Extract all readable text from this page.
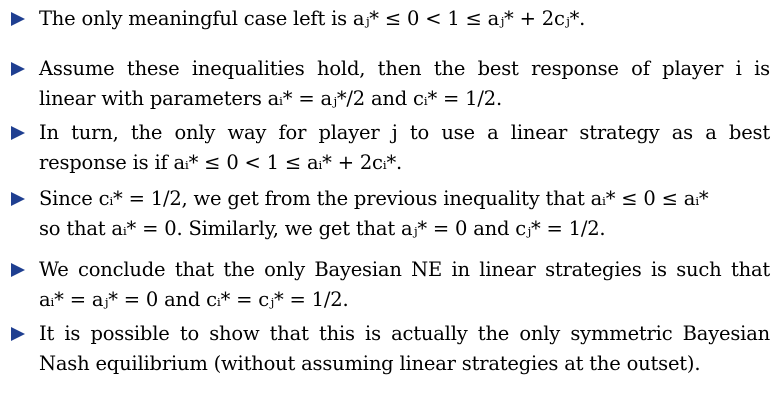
The only meaningful case left is aⱼ* ≤ 0 < 1 ≤ aⱼ* + 2cⱼ*.
Assume these inequalities hold, then the best response of player i is
linear with parameters aᵢ* = aⱼ*/2 and cᵢ* = 1/2.
In turn, the only way for player j to use a linear strategy as a best
response is if aᵢ* ≤ 0 < 1 ≤ aᵢ* + 2cᵢ*.
Since cᵢ* = 1/2, we get from the previous inequality that aᵢ* ≤ 0 ≤ aᵢ*
so that aᵢ* = 0. Similarly, we get that aⱼ* = 0 and cⱼ* = 1/2.
We conclude that the only Bayesian NE in linear strategies is such that
aᵢ* = aⱼ* = 0 and cᵢ* = cⱼ* = 1/2.
It is possible to show that this is actually the only symmetric Bayesian
Nash equilibrium (without assuming linear strategies at the outset).
